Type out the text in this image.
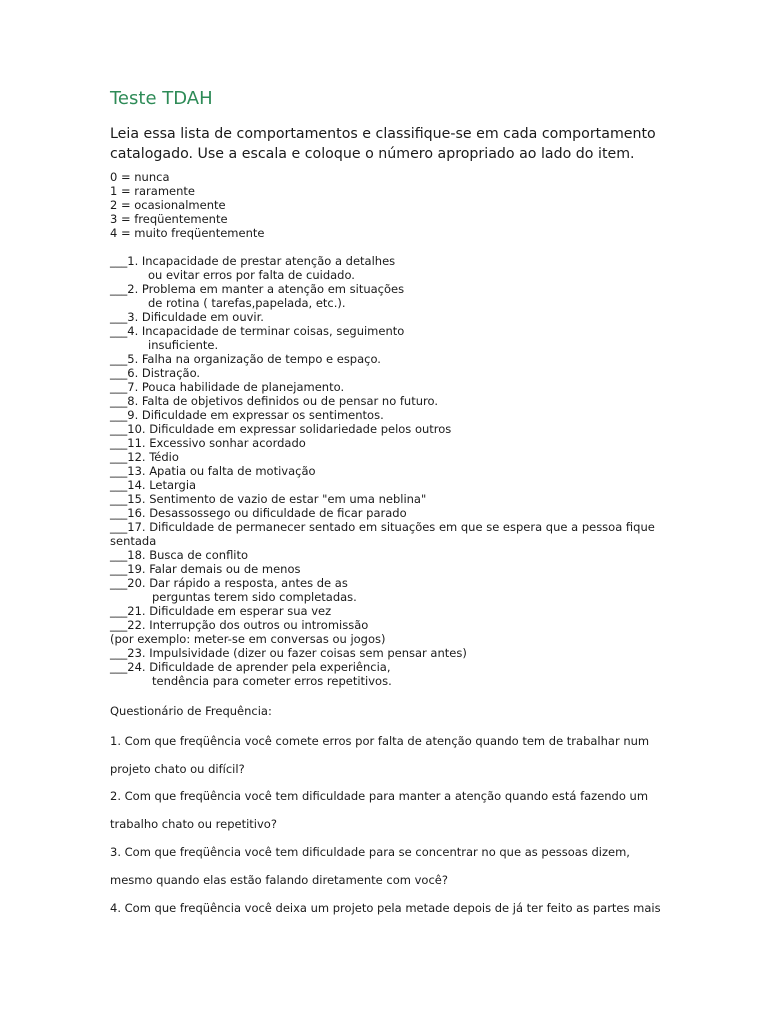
Teste TDAH
Leia essa lista de comportamentos e classifique-se em cada comportamento
catalogado. Use a escala e coloque o número apropriado ao lado do item.
0 = nunca
1 = raramente
2 = ocasionalmente
3 = freqüentemente
4 = muito freqüentemente
___1. Incapacidade de prestar atenção a detalhes
ou evitar erros por falta de cuidado.
___2. Problema em manter a atenção em situações
de rotina ( tarefas,papelada, etc.).
___3. Dificuldade em ouvir.
___4. Incapacidade de terminar coisas, seguimento
insuficiente.
___5. Falha na organização de tempo e espaço.
___6. Distração.
___7. Pouca habilidade de planejamento.
___8. Falta de objetivos definidos ou de pensar no futuro.
___9. Dificuldade em expressar os sentimentos.
___10. Dificuldade em expressar solidariedade pelos outros
___11. Excessivo sonhar acordado
___12. Tédio
___13. Apatia ou falta de motivação
___14. Letargia
___15. Sentimento de vazio de estar "em uma neblina"
___16. Desassossego ou dificuldade de ficar parado
___17. Dificuldade de permanecer sentado em situações em que se espera que a pessoa fique
sentada
___18. Busca de conflito
___19. Falar demais ou de menos
___20. Dar rápido a resposta, antes de as
perguntas terem sido completadas.
___21. Dificuldade em esperar sua vez
___22. Interrupção dos outros ou intromissão
(por exemplo: meter-se em conversas ou jogos)
___23. Impulsividade (dizer ou fazer coisas sem pensar antes)
___24. Dificuldade de aprender pela experiência,
tendência para cometer erros repetitivos.
Questionário de Frequência:
1. Com que freqüência você comete erros por falta de atenção quando tem de trabalhar num
projeto chato ou difícil?
2. Com que freqüência você tem dificuldade para manter a atenção quando está fazendo um
trabalho chato ou repetitivo?
3. Com que freqüência você tem dificuldade para se concentrar no que as pessoas dizem,
mesmo quando elas estão falando diretamente com você?
4. Com que freqüência você deixa um projeto pela metade depois de já ter feito as partes mais
